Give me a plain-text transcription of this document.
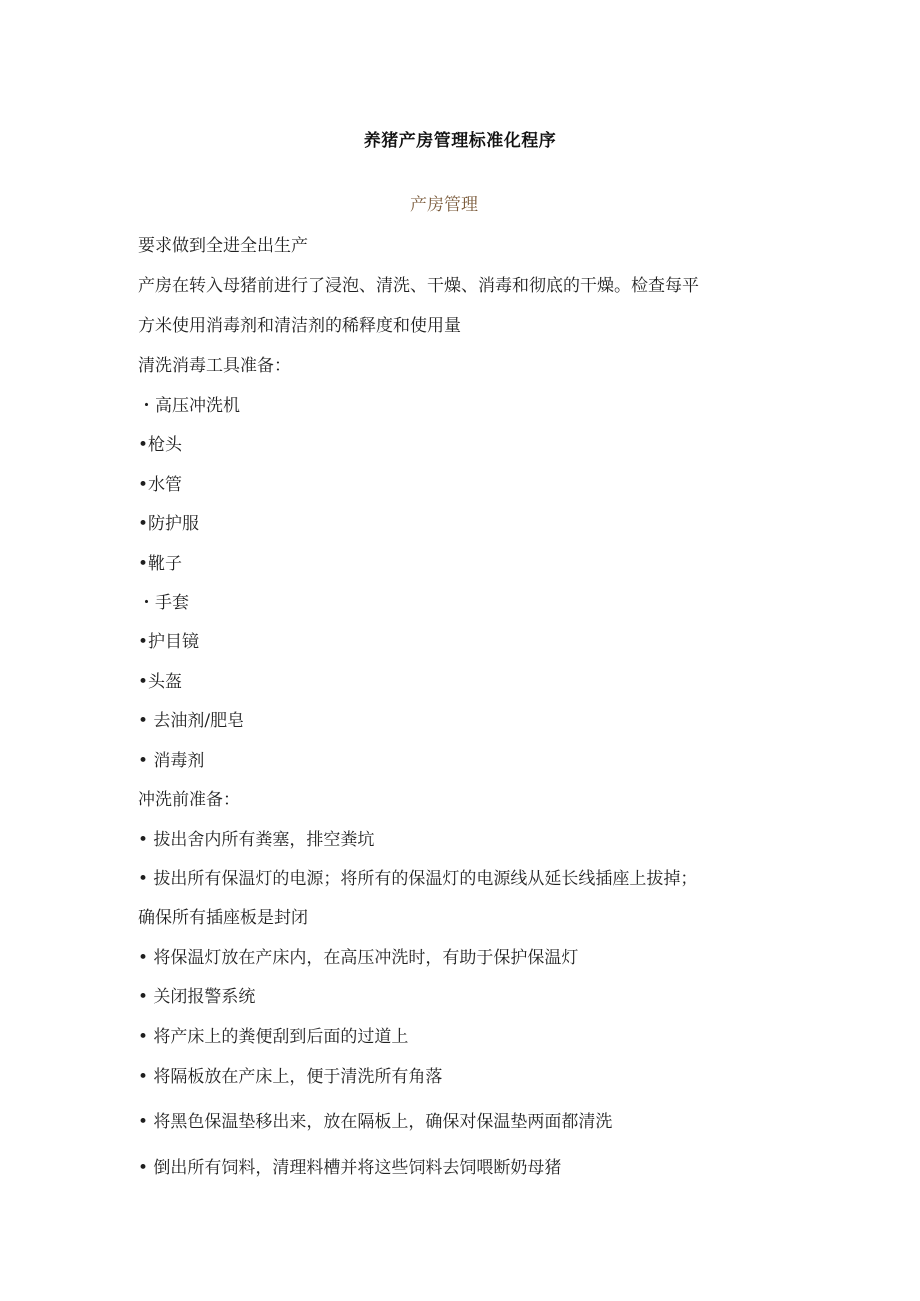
养猪产房管理标准化程序
产房管理
要求做到全进全出生产
产房在转入母猪前进行了浸泡、清洗、干燥、消毒和彻底的干燥。检查每平
方米使用消毒剂和清洁剂的稀释度和使用量
清洗消毒工具准备：
・高压冲洗机
•枪头
•水管
•防护服
•靴子
・手套
•护目镜
•头盔
• 去油剂/肥皂
• 消毒剂
冲洗前准备：
• 拔出舍内所有粪塞，排空粪坑
• 拔出所有保温灯的电源；将所有的保温灯的电源线从延长线插座上拔掉；
确保所有插座板是封闭
• 将保温灯放在产床内，在高压冲洗时，有助于保护保温灯
• 关闭报警系统
• 将产床上的粪便刮到后面的过道上
• 将隔板放在产床上，便于清洗所有角落
• 将黑色保温垫移出来，放在隔板上，确保对保温垫两面都清洗
• 倒出所有饲料，清理料槽并将这些饲料去饲喂断奶母猪
